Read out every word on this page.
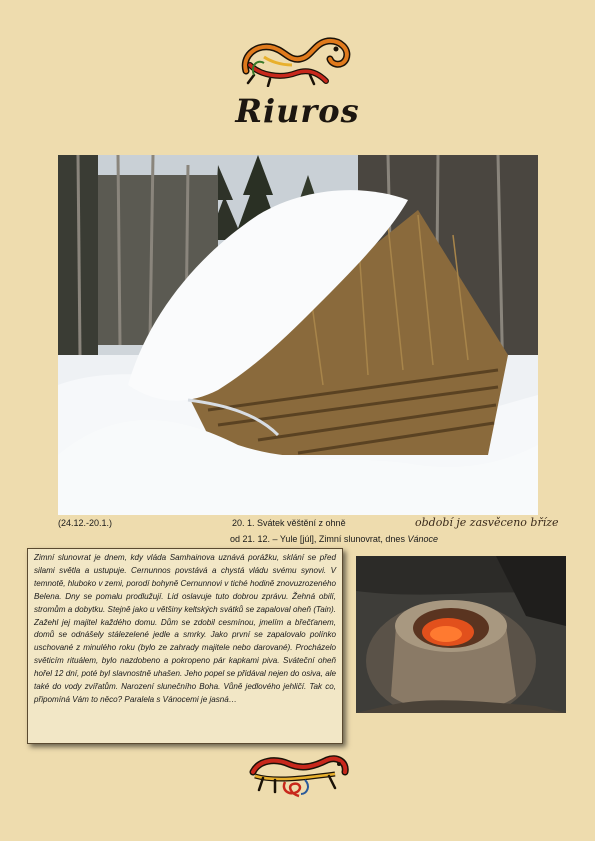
Riuros
(24.12.-20.1.)	20. 1. Svátek věštění z ohně
od 21. 12. – Yule [júl], Zimní slunovrat, dnes Vánoce
období je zasvěceno bříze

Zimní slunovrat je dnem, kdy vláda Samhainova uznává porážku, sklání se před silami světla a ustupuje. Cernunnos povstává a chystá vládu svému synovi. V temnotě, hluboko v zemi, porodí bohyně Cernunnovi v tiché hodině znovuzrozeného Belena. Dny se pomalu prodlužují. Lid oslavuje tuto dobrou zprávu. Žehná obilí, stromům a dobytku. Stejně jako u většiny keltských svátků se zapaloval oheň (Tain). Zažehl jej majitel každého domu. Dům se zdobil cesmínou, jmelím a břečťanem, domů se odnášely stálezelené jedle a smrky. Jako první se zapalovalo polínko uschované z minulého roku (bylo ze zahrady majitele nebo darované). Procházelo světicím rituálem, bylo nazdobeno a pokropeno pár kapkami piva. Sváteční oheň hořel 12 dní, poté byl slavnostně uhašen. Jeho popel se přidával nejen do osiva, ale také do vody zvířatům. Narození slunečního Boha. Vůně jedlového jehličí. Tak co, připomíná Vám to něco? Paralela s Vánocemi je jasná…
